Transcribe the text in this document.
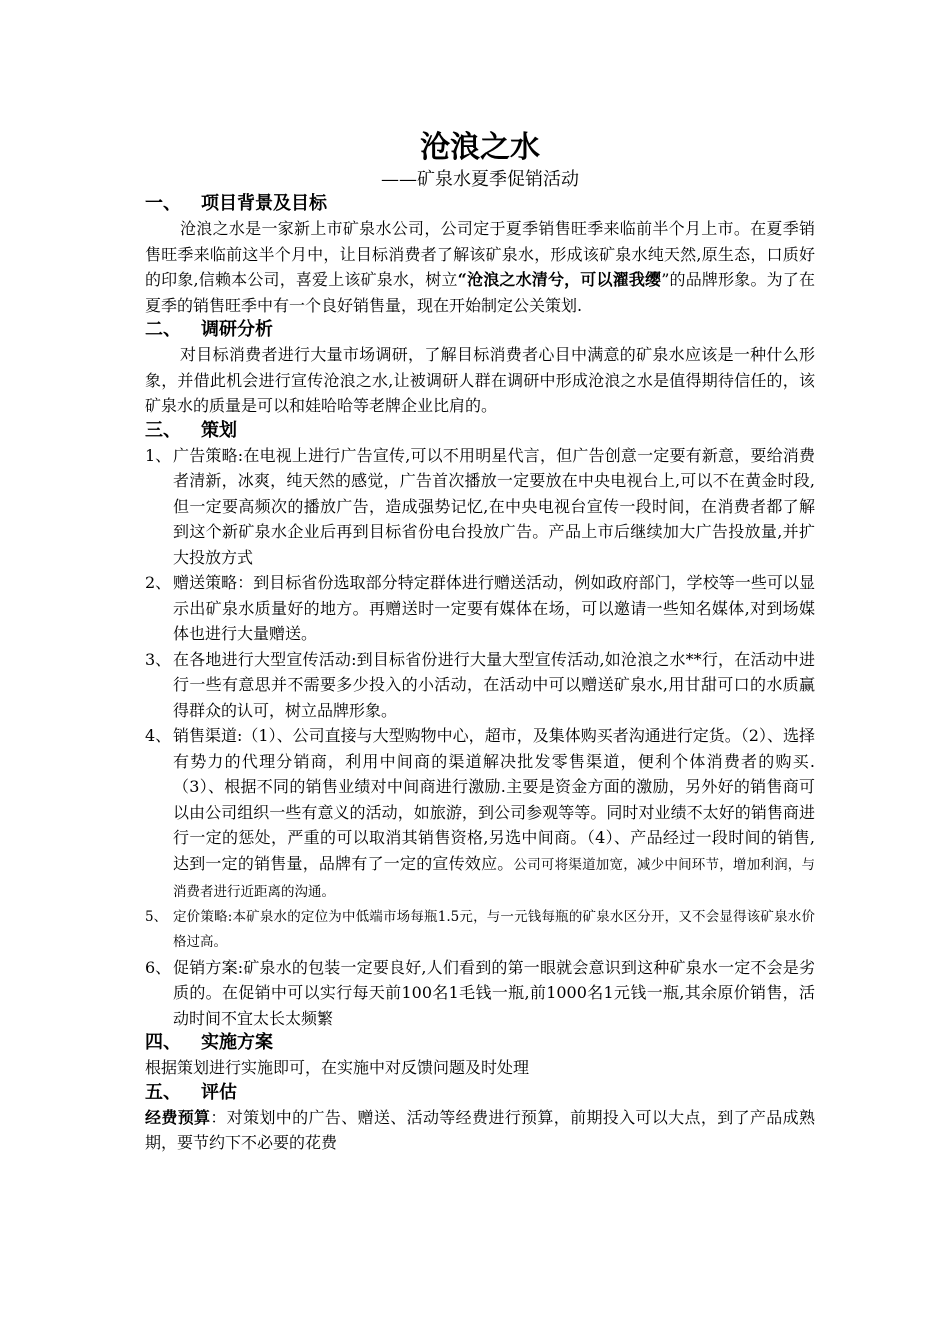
沧浪之水

——矿泉水夏季促销活动

一、 项目背景及目标

沧浪之水是一家新上市矿泉水公司，公司定于夏季销售旺季来临前半个月上市。在夏季销售旺季来临前这半个月中，让目标消费者了解该矿泉水，形成该矿泉水纯天然,原生态，口质好的印象,信赖本公司，喜爱上该矿泉水，树立“沧浪之水清兮，可以濯我缨”的品牌形象。为了在夏季的销售旺季中有一个良好销售量，现在开始制定公关策划.

二、 调研分析

对目标消费者进行大量市场调研，了解目标消费者心目中满意的矿泉水应该是一种什么形象，并借此机会进行宣传沧浪之水,让被调研人群在调研中形成沧浪之水是值得期待信任的，该矿泉水的质量是可以和娃哈哈等老牌企业比肩的。

三、 策划

1、 广告策略:在电视上进行广告宣传,可以不用明星代言，但广告创意一定要有新意，要给消费者清新，冰爽，纯天然的感觉，广告首次播放一定要放在中央电视台上,可以不在黄金时段,但一定要高频次的播放广告，造成强势记忆,在中央电视台宣传一段时间，在消费者都了解到这个新矿泉水企业后再到目标省份电台投放广告。产品上市后继续加大广告投放量,并扩大投放方式

2、 赠送策略：到目标省份选取部分特定群体进行赠送活动，例如政府部门，学校等一些可以显示出矿泉水质量好的地方。再赠送时一定要有媒体在场，可以邀请一些知名媒体,对到场媒体也进行大量赠送。

3、 在各地进行大型宣传活动:到目标省份进行大量大型宣传活动,如沧浪之水**行，在活动中进行一些有意思并不需要多少投入的小活动，在活动中可以赠送矿泉水,用甘甜可口的水质赢得群众的认可，树立品牌形象。

4、 销售渠道:（1）、公司直接与大型购物中心，超市，及集体购买者沟通进行定货。（2）、选择有势力的代理分销商，利用中间商的渠道解决批发零售渠道，便利个体消费者的购买.（3）、根据不同的销售业绩对中间商进行激励.主要是资金方面的激励，另外好的销售商可以由公司组织一些有意义的活动，如旅游，到公司参观等等。同时对业绩不太好的销售商进行一定的惩处，严重的可以取消其销售资格,另选中间商。（4）、产品经过一段时间的销售,达到一定的销售量，品牌有了一定的宣传效应。公司可将渠道加宽，减少中间环节，增加利润，与消费者进行近距离的沟通。

5、 定价策略:本矿泉水的定位为中低端市场每瓶1.5元，与一元钱每瓶的矿泉水区分开，又不会显得该矿泉水价格过高。

6、 促销方案:矿泉水的包装一定要良好,人们看到的第一眼就会意识到这种矿泉水一定不会是劣质的。在促销中可以实行每天前100名1毛钱一瓶,前1000名1元钱一瓶,其余原价销售，活动时间不宜太长太频繁

四、 实施方案

根据策划进行实施即可，在实施中对反馈问题及时处理

五、 评估

经费预算：对策划中的广告、赠送、活动等经费进行预算，前期投入可以大点，到了产品成熟期，要节约下不必要的花费
